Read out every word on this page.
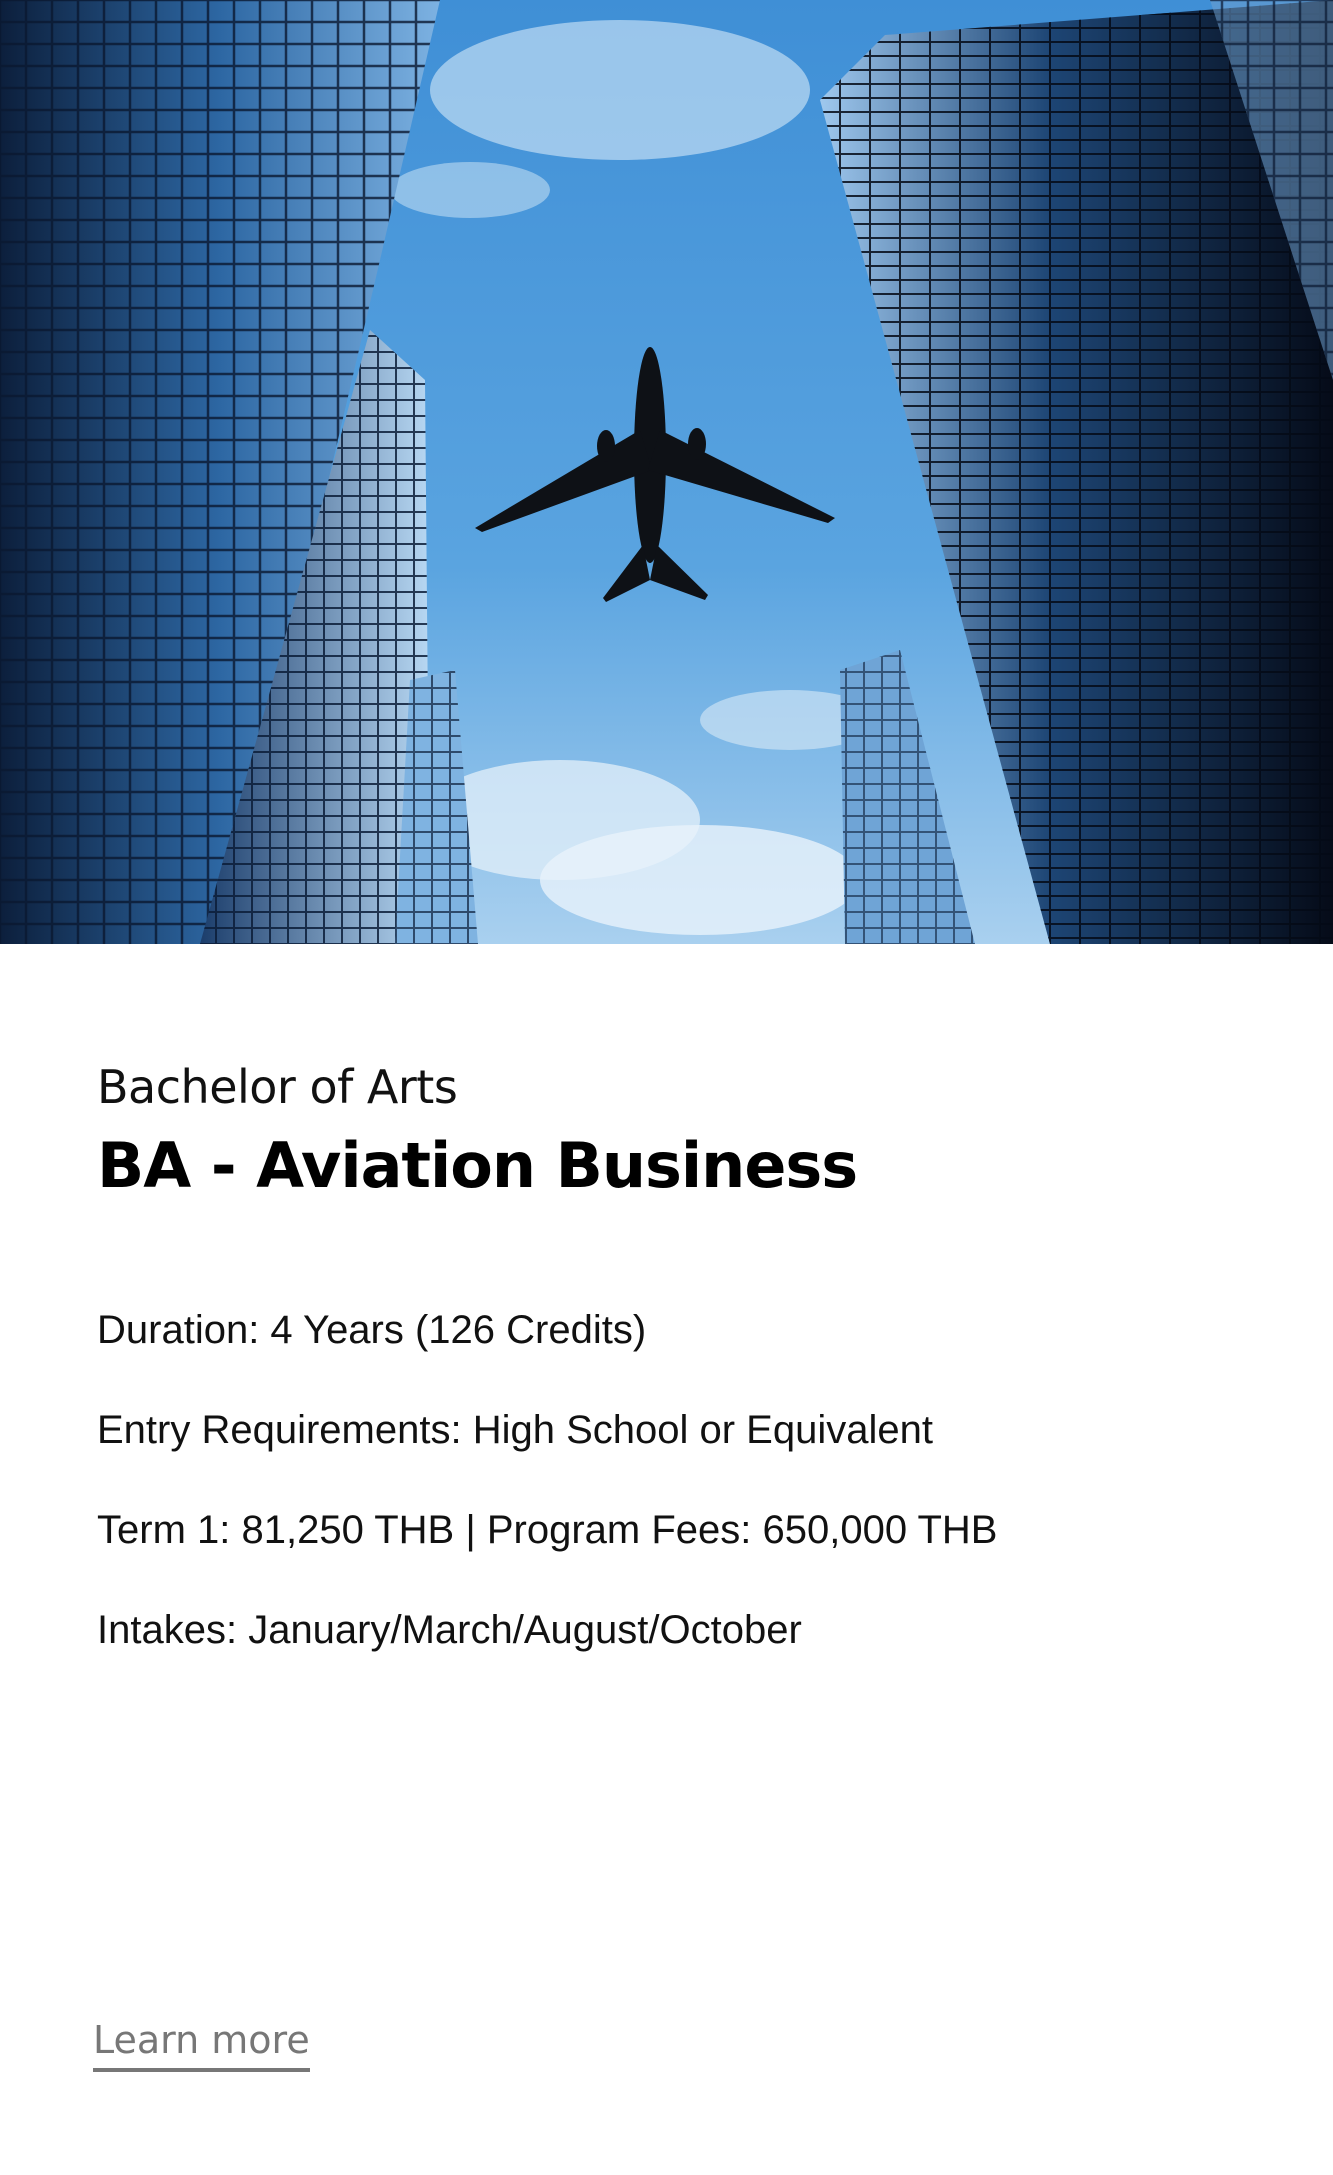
Bachelor of Arts

BA - Aviation Business
Duration: 4 Years (126 Credits)
Entry Requirements: High School or Equivalent
Term 1: 81,250 THB | Program Fees: 650,000 THB
Intakes: January/March/August/October
Learn more
